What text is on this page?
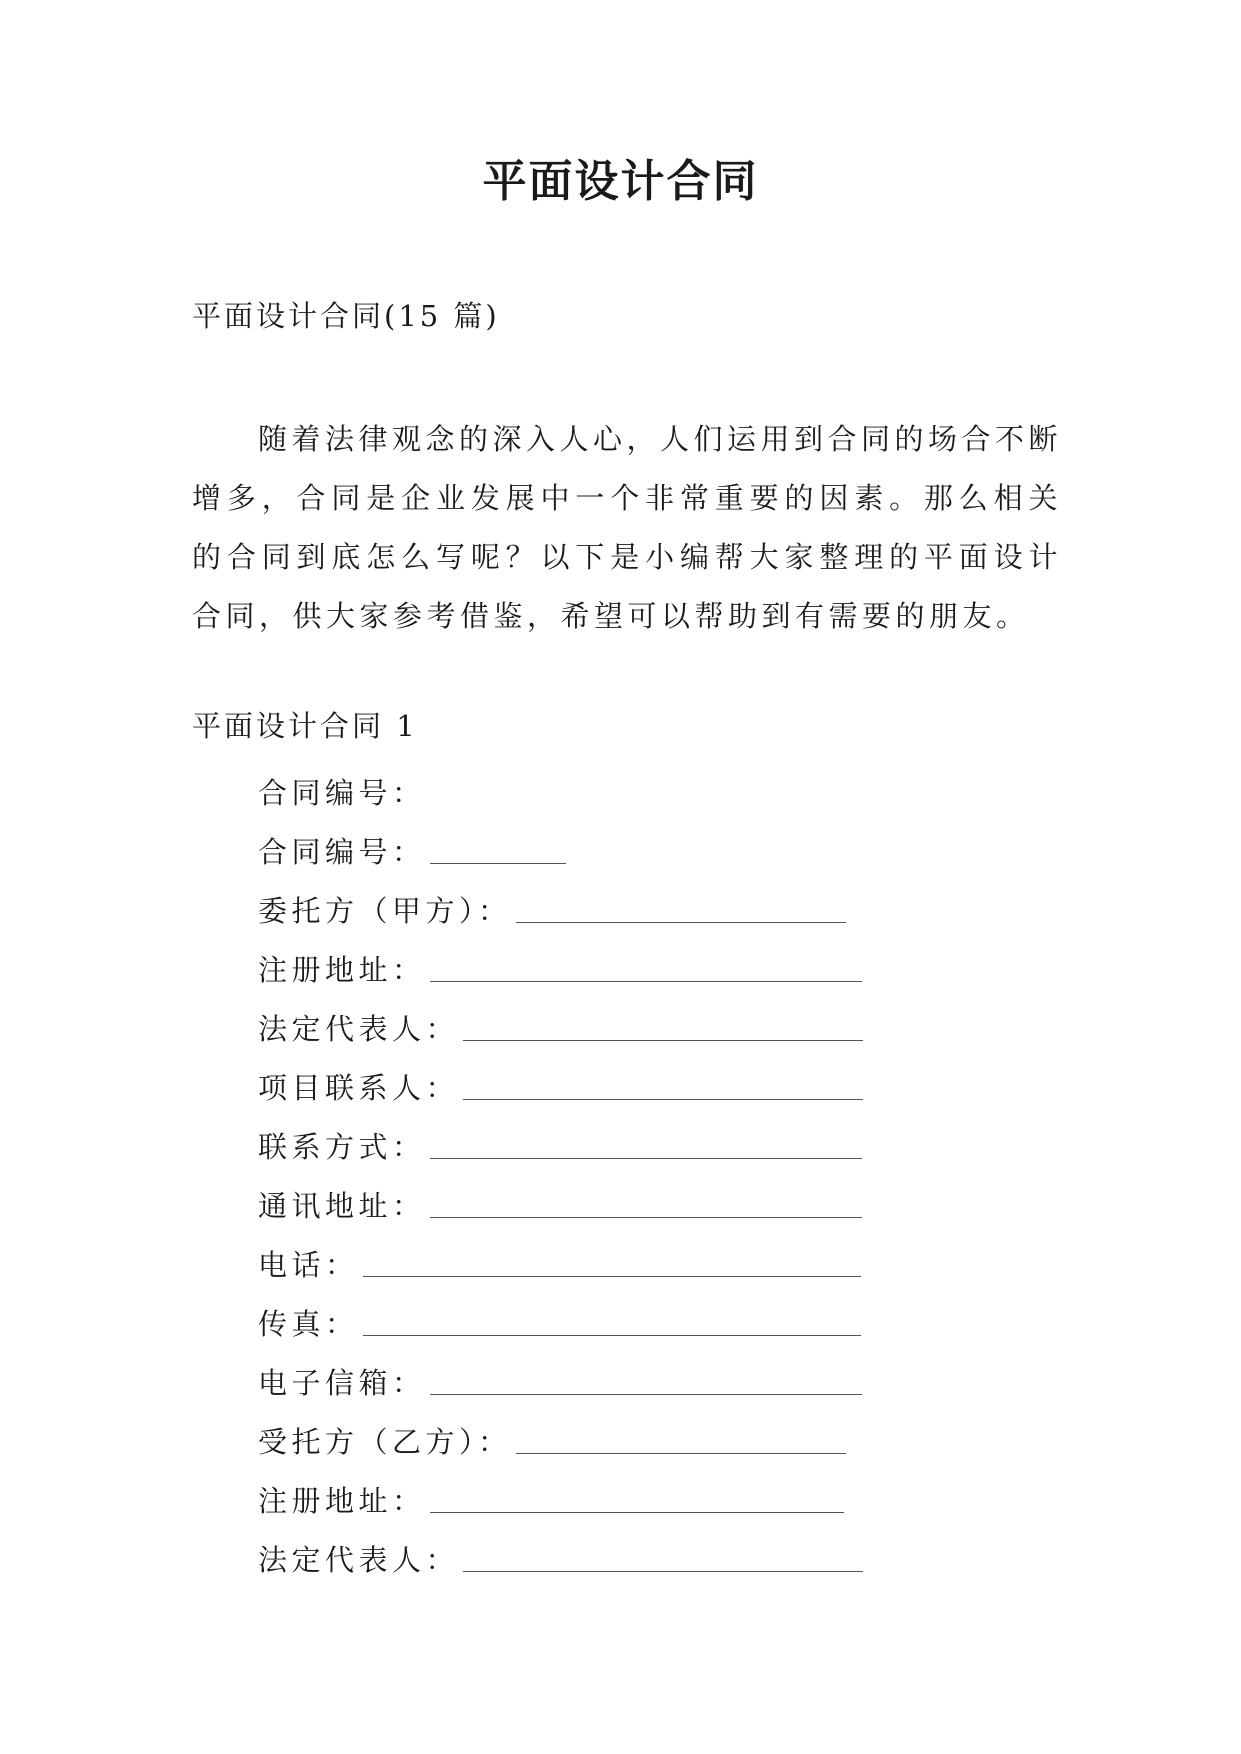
平面设计合同
平面设计合同(15 篇)
随着法律观念的深入人心，人们运用到合同的场合不断增多，合同是企业发展中一个非常重要的因素。那么相关的合同到底怎么写呢？以下是小编帮大家整理的平面设计合同，供大家参考借鉴，希望可以帮助到有需要的朋友。
平面设计合同 1
合同编号：
合同编号：
委托方（甲方）：
注册地址：
法定代表人：
项目联系人：
联系方式：
通讯地址：
电话：
传真：
电子信箱：
受托方（乙方）：
注册地址：
法定代表人：
